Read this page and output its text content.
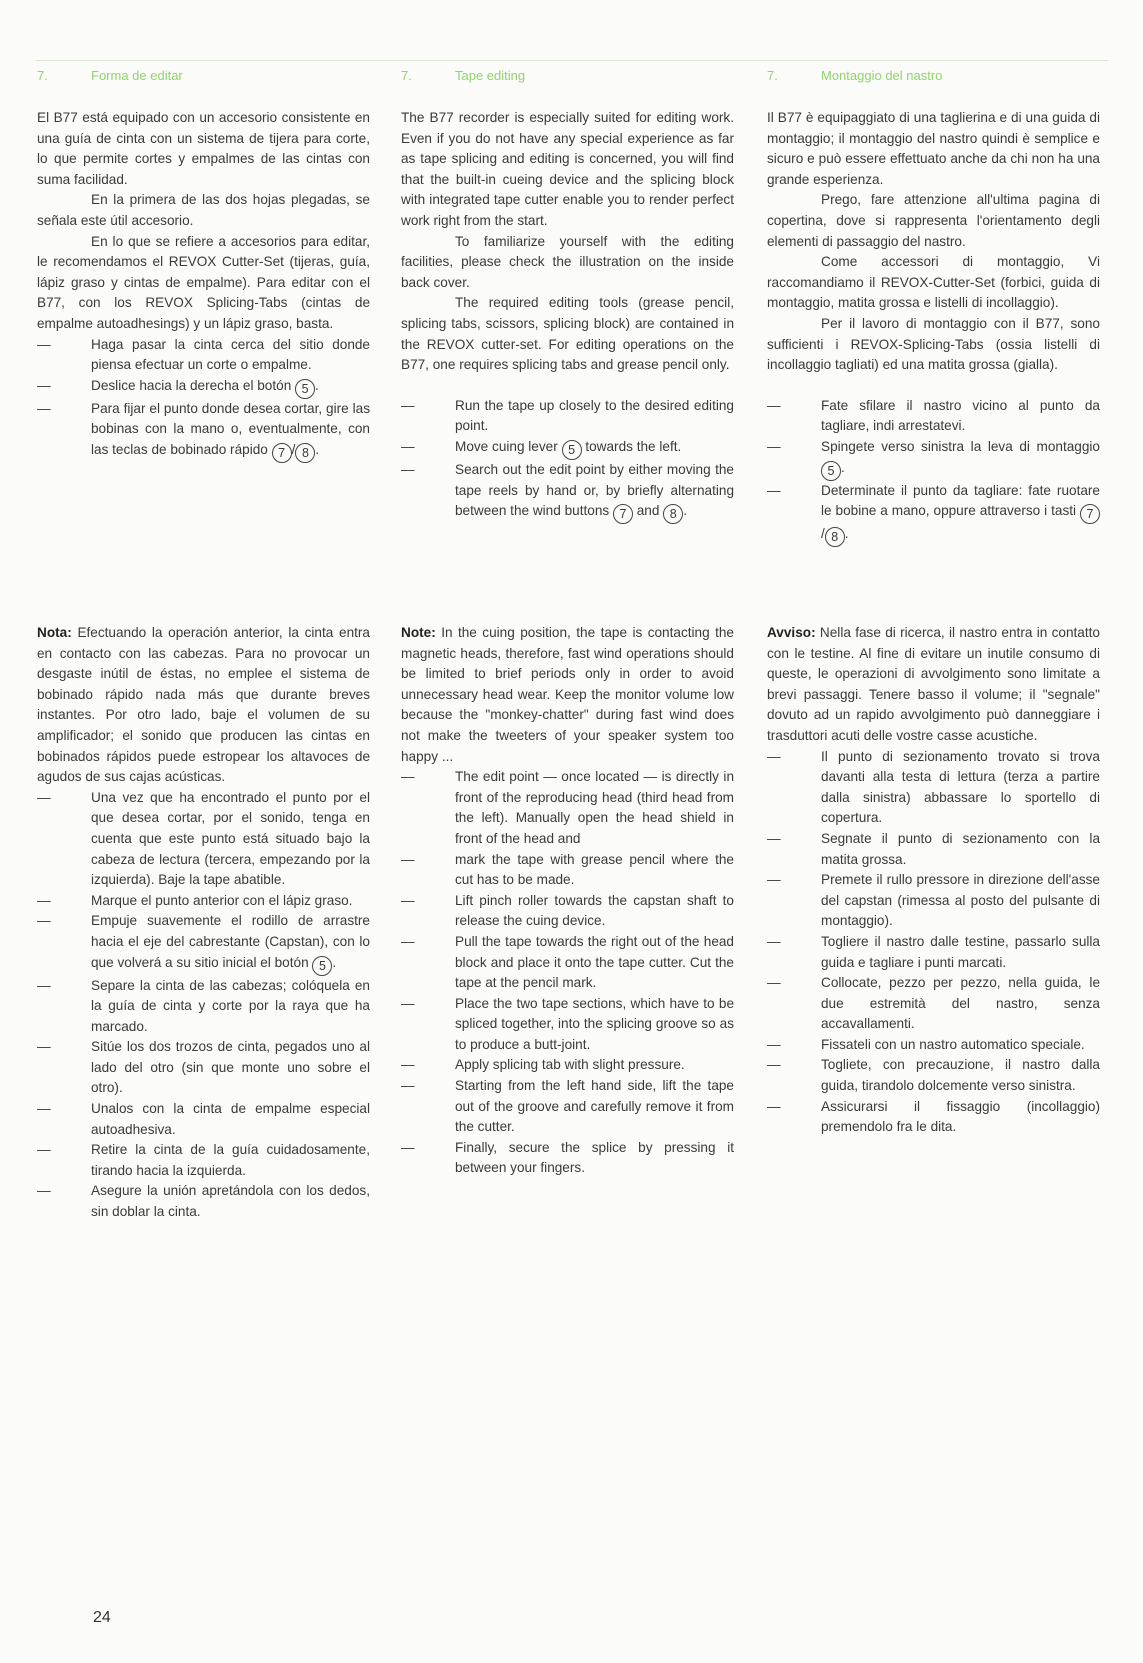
7.	Forma de editar	7.	Tape editing	7.	Montaggio del nastro

El B77 está equipado con un accesorio consistente en una guía de cinta con un sistema de tijera para corte, lo que permite cortes y empalmes de las cintas con suma facilidad.

En la primera de las dos hojas plegadas, se señala este útil accesorio.

En lo que se refiere a accesorios para editar, le recomendamos el REVOX Cutter-Set (tijeras, guía, lápiz graso y cintas de empalme). Para editar con el B77, con los REVOX Splicing-Tabs (cintas de empalme autoadhesings) y un lápiz graso, basta.

—	Haga pasar la cinta cerca del sitio donde piensa efectuar un corte o empalme.
—	Deslice hacia la derecha el botón 5 .
—	Para fijar el punto donde desea cortar, gire las bobinas con la mano o, eventualmente, con las teclas de bobinado rápido 7 / 8 .

The B77 recorder is especially suited for editing work. Even if you do not have any special experience as far as tape splicing and editing is concerned, you will find that the built-in cueing device and the splicing block with integrated tape cutter enable you to render perfect work right from the start.

To familiarize yourself with the editing facilities, please check the illustration on the inside back cover.

The required editing tools (grease pencil, splicing tabs, scissors, splicing block) are contained in the REVOX cutter-set. For editing operations on the B77, one requires splicing tabs and grease pencil only.

—	Run the tape up closely to the desired editing point.
—	Move cuing lever 5 towards the left.
—	Search out the edit point by either moving the tape reels by hand or, by briefly alternating between the wind buttons 7 and 8 .

Il B77 è equipaggiato di una taglierina e di una guida di montaggio; il montaggio del nastro quindi è semplice e sicuro e può essere effettuato anche da chi non ha una grande esperienza.

Prego, fare attenzione all'ultima pagina di copertina, dove si rappresenta l'orientamento degli elementi di passaggio del nastro.

Come accessori di montaggio, Vi raccomandiamo il REVOX-Cutter-Set (forbici, guida di montaggio, matita grossa e listelli di incollaggio).

Per il lavoro di montaggio con il B77, sono sufficienti i REVOX-Splicing-Tabs (ossia listelli di incollaggio tagliati) ed una matita grossa (gialla).

—	Fate sfilare il nastro vicino al punto da tagliare, indi arrestatevi.
—	Spingete verso sinistra la leva di montaggio 5 .
—	Determinate il punto da tagliare: fate ruotare le bobine a mano, oppure attraverso i tasti 7/ 8 .

Nota: Efectuando la operación anterior, la cinta entra en contacto con las cabezas. Para no provocar un desgaste inútil de éstas, no emplee el sistema de bobinado rápido nada más que durante breves instantes. Por otro lado, baje el volumen de su amplificador; el sonido que producen las cintas en bobinados rápidos puede estropear los altavoces de agudos de sus cajas acústicas.

—	Una vez que ha encontrado el punto por el que desea cortar, por el sonido, tenga en cuenta que este punto está situado bajo la cabeza de lectura (tercera, empezando por la izquierda). Baje la tape abatible.
—	Marque el punto anterior con el lápiz graso.
—	Empuje suavemente el rodillo de arrastre hacia el eje del cabrestante (Capstan), con lo que volverá a su sitio inicial el botón 5 .
—	Separe la cinta de las cabezas; colóquela en la guía de cinta y corte por la raya que ha marcado.
—	Sitúe los dos trozos de cinta, pegados uno al lado del otro (sin que monte uno sobre el otro).
—	Unalos con la cinta de empalme especial autoadhesiva.
—	Retire la cinta de la guía cuidadosamente, tirando hacia la izquierda.
—	Asegure la unión apretándola con los dedos, sin doblar la cinta.

Note: In the cuing position, the tape is contacting the magnetic heads, therefore, fast wind operations should be limited to brief periods only in order to avoid unnecessary head wear. Keep the monitor volume low because the "monkey-chatter" during fast wind does not make the tweeters of your speaker system too happy ...

—	The edit point — once located — is directly in front of the reproducing head (third head from the left). Manually open the head shield in front of the head and
—	mark the tape with grease pencil where the cut has to be made.
—	Lift pinch roller towards the capstan shaft to release the cuing device.
—	Pull the tape towards the right out of the head block and place it onto the tape cutter. Cut the tape at the pencil mark.
—	Place the two tape sections, which have to be spliced together, into the splicing groove so as to produce a butt-joint.
—	Apply splicing tab with slight pressure.
—	Starting from the left hand side, lift the tape out of the groove and carefully remove it from the cutter.
—	Finally, secure the splice by pressing it between your fingers.

Avviso: Nella fase di ricerca, il nastro entra in contatto con le testine. Al fine di evitare un inutile consumo di queste, le operazioni di avvolgimento sono limitate a brevi passaggi. Tenere basso il volume; il "segnale" dovuto ad un rapido avvolgimento può danneggiare i trasduttori acuti delle vostre casse acustiche.

—	Il punto di sezionamento trovato si trova davanti alla testa di lettura (terza a partire dalla sinistra) abbassare lo sportello di copertura.
—	Segnate il punto di sezionamento con la matita grossa.
—	Premete il rullo pressore in direzione dell'asse del capstan (rimessa al posto del pulsante di montaggio).
—	Togliere il nastro dalle testine, passarlo sulla guida e tagliare i punti marcati.
—	Collocate, pezzo per pezzo, nella guida, le due estremità del nastro, senza accavallamenti.
—	Fissateli con un nastro automatico speciale.
—	Togliete, con precauzione, il nastro dalla guida, tirandolo dolcemente verso sinistra.
—	Assicurarsi il fissaggio (incollaggio) premendolo fra le dita.
24
